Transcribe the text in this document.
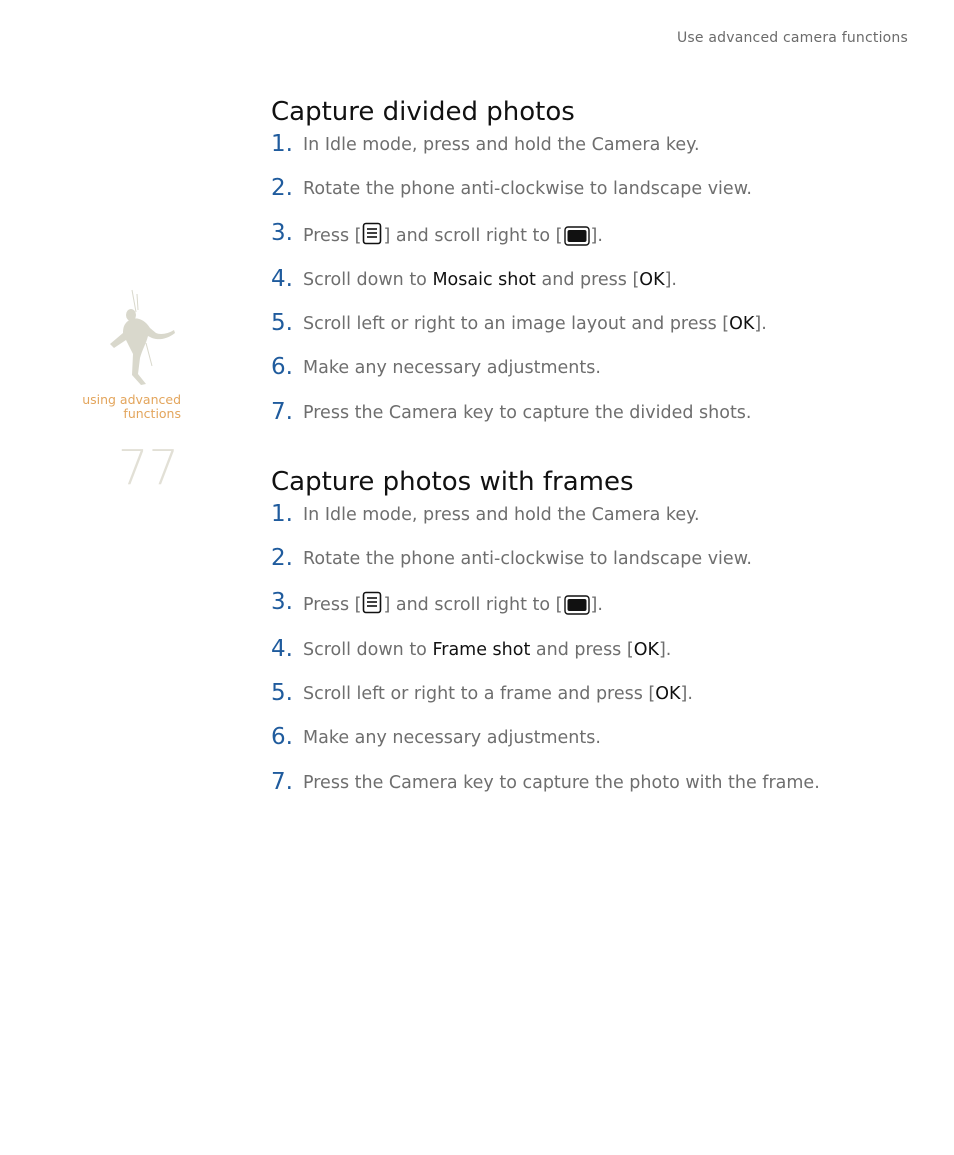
Use advanced camera functions
using advanced
functions
77
Capture divided photos
1. In Idle mode, press and hold the Camera key.
2. Rotate the phone anti-clockwise to landscape view.
3. Press [ ] and scroll right to [ ].
4. Scroll down to Mosaic shot and press [OK].
5. Scroll left or right to an image layout and press [OK].
6. Make any necessary adjustments.
7. Press the Camera key to capture the divided shots.
Capture photos with frames
1. In Idle mode, press and hold the Camera key.
2. Rotate the phone anti-clockwise to landscape view.
3. Press [ ] and scroll right to [ ].
4. Scroll down to Frame shot and press [OK].
5. Scroll left or right to a frame and press [OK].
6. Make any necessary adjustments.
7. Press the Camera key to capture the photo with the frame.
